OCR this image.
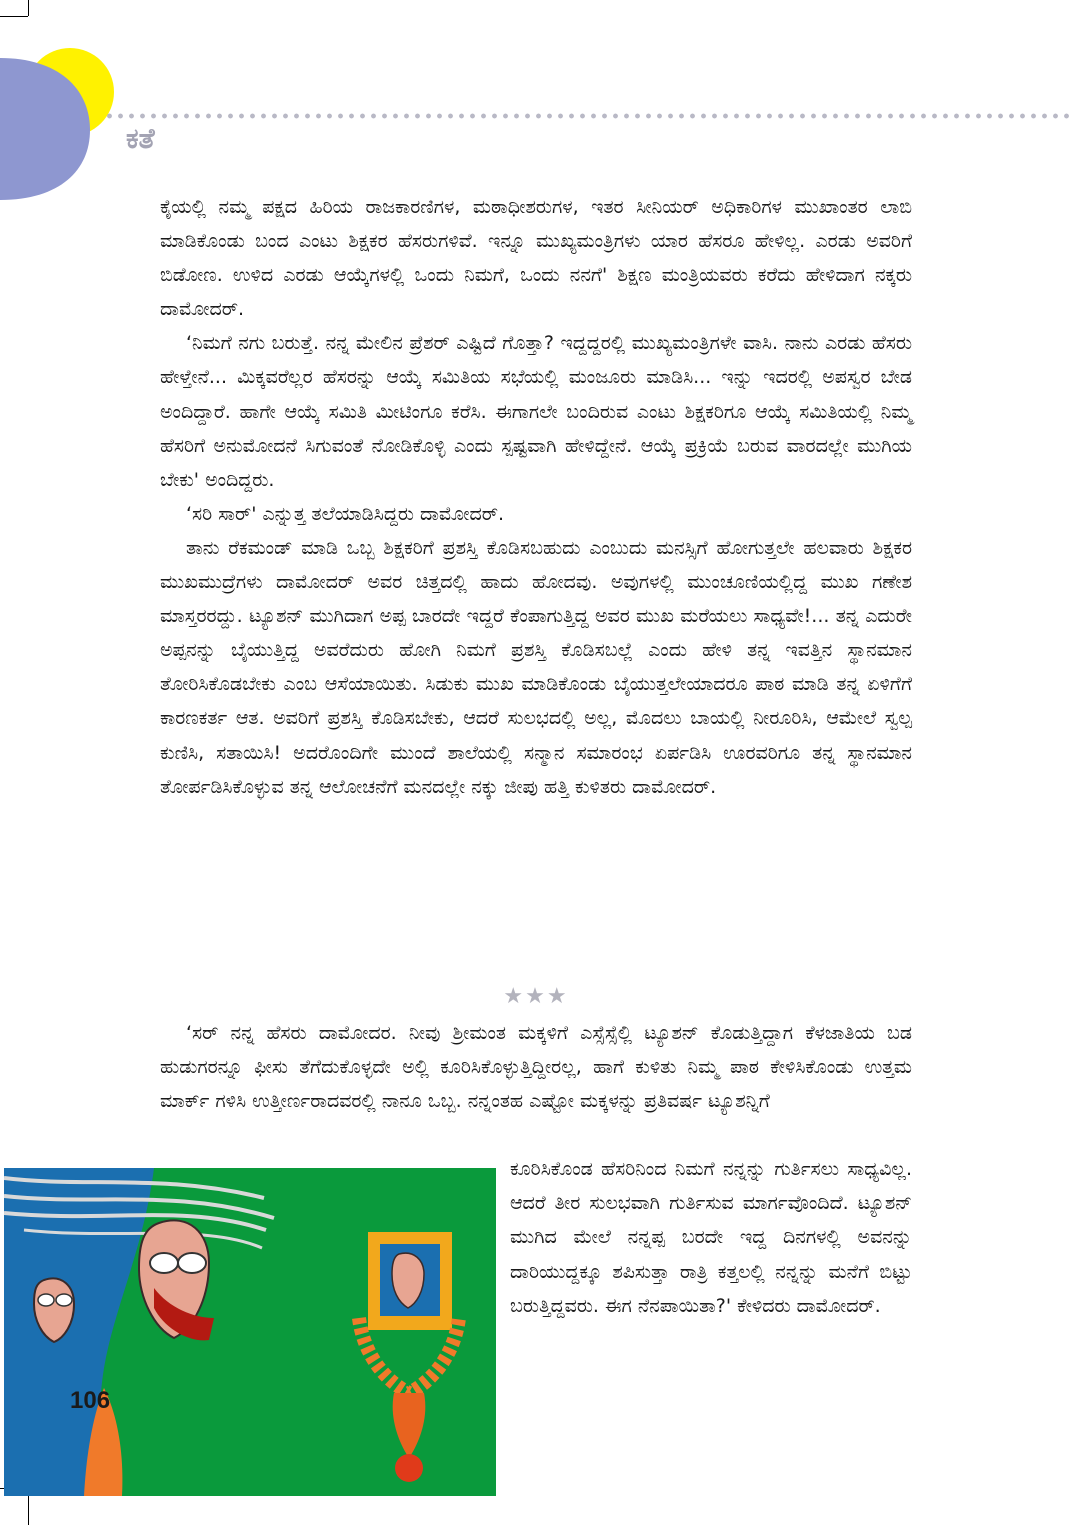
ಕತೆ

ಕೈಯಲ್ಲಿ ನಮ್ಮ ಪಕ್ಷದ ಹಿರಿಯ ರಾಜಕಾರಣಿಗಳ, ಮಠಾಧೀಶರುಗಳ, ಇತರ ಸೀನಿಯರ್ ಅಧಿಕಾರಿಗಳ ಮುಖಾಂತರ ಲಾಬಿ ಮಾಡಿಕೊಂಡು ಬಂದ ಎಂಟು ಶಿಕ್ಷಕರ ಹೆಸರುಗಳಿವೆ. ಇನ್ನೂ ಮುಖ್ಯಮಂತ್ರಿಗಳು ಯಾರ ಹೆಸರೂ ಹೇಳಿಲ್ಲ. ಎರಡು ಅವರಿಗೆ ಬಿಡೋಣ. ಉಳಿದ ಎರಡು ಆಯ್ಕೆಗಳಲ್ಲಿ ಒಂದು ನಿಮಗೆ, ಒಂದು ನನಗೆ' ಶಿಕ್ಷಣ ಮಂತ್ರಿಯವರು ಕರೆದು ಹೇಳಿದಾಗ ನಕ್ಕರು ದಾಮೋದರ್.

‘ನಿಮಗೆ ನಗು ಬರುತ್ತೆ. ನನ್ನ ಮೇಲಿನ ಪ್ರೆಶರ್ ಎಷ್ಟಿದೆ ಗೊತ್ತಾ? ಇದ್ದದ್ದರಲ್ಲಿ ಮುಖ್ಯಮಂತ್ರಿಗಳೇ ವಾಸಿ. ನಾನು ಎರಡು ಹೆಸರು ಹೇಳ್ತೇನೆ... ಮಿಕ್ಕವರೆಲ್ಲರ ಹೆಸರನ್ನು ಆಯ್ಕೆ ಸಮಿತಿಯ ಸಭೆಯಲ್ಲಿ ಮಂಜೂರು ಮಾಡಿಸಿ... ಇನ್ನು ಇದರಲ್ಲಿ ಅಪಸ್ವರ ಬೇಡ ಅಂದಿದ್ದಾರೆ. ಹಾಗೇ ಆಯ್ಕೆ ಸಮಿತಿ ಮೀಟಿಂಗೂ ಕರೆಸಿ. ಈಗಾಗಲೇ ಬಂದಿರುವ ಎಂಟು ಶಿಕ್ಷಕರಿಗೂ ಆಯ್ಕೆ ಸಮಿತಿಯಲ್ಲಿ ನಿಮ್ಮ ಹೆಸರಿಗೆ ಅನುಮೋದನೆ ಸಿಗುವಂತೆ ನೋಡಿಕೊಳ್ಳಿ ಎಂದು ಸ್ಪಷ್ಟವಾಗಿ ಹೇಳಿದ್ದೇನೆ. ಆಯ್ಕೆ ಪ್ರಕ್ರಿಯೆ ಬರುವ ವಾರದಲ್ಲೇ ಮುಗಿಯ ಬೇಕು' ಅಂದಿದ್ದರು.

‘ಸರಿ ಸಾರ್' ಎನ್ನುತ್ತ ತಲೆಯಾಡಿಸಿದ್ದರು ದಾಮೋದರ್.

ತಾನು ರೆಕಮಂಡ್ ಮಾಡಿ ಒಬ್ಬ ಶಿಕ್ಷಕರಿಗೆ ಪ್ರಶಸ್ತಿ ಕೊಡಿಸಬಹುದು ಎಂಬುದು ಮನಸ್ಸಿಗೆ ಹೋಗುತ್ತಲೇ ಹಲವಾರು ಶಿಕ್ಷಕರ ಮುಖಮುದ್ರೆಗಳು ದಾಮೋದರ್ ಅವರ ಚಿತ್ತದಲ್ಲಿ ಹಾದು ಹೋದವು. ಅವುಗಳಲ್ಲಿ ಮುಂಚೂಣಿಯಲ್ಲಿದ್ದ ಮುಖ ಗಣೇಶ ಮಾಸ್ತರರದ್ದು. ಟ್ಯೂಶನ್ ಮುಗಿದಾಗ ಅಪ್ಪ ಬಾರದೇ ಇದ್ದರೆ ಕೆಂಪಾಗುತ್ತಿದ್ದ ಅವರ ಮುಖ ಮರೆಯಲು ಸಾಧ್ಯವೇ!... ತನ್ನ ಎದುರೇ ಅಪ್ಪನನ್ನು ಬೈಯುತ್ತಿದ್ದ ಅವರೆದುರು ಹೋಗಿ ನಿಮಗೆ ಪ್ರಶಸ್ತಿ ಕೊಡಿಸಬಲ್ಲೆ ಎಂದು ಹೇಳಿ ತನ್ನ ಇವತ್ತಿನ ಸ್ಥಾನಮಾನ ತೋರಿಸಿಕೊಡಬೇಕು ಎಂಬ ಆಸೆಯಾಯಿತು. ಸಿಡುಕು ಮುಖ ಮಾಡಿಕೊಂಡು ಬೈಯುತ್ತಲೇಯಾದರೂ ಪಾಠ ಮಾಡಿ ತನ್ನ ಏಳಿಗೆಗೆ ಕಾರಣಕರ್ತ ಆತ. ಅವರಿಗೆ ಪ್ರಶಸ್ತಿ ಕೊಡಿಸಬೇಕು, ಆದರೆ ಸುಲಭದಲ್ಲಿ ಅಲ್ಲ, ಮೊದಲು ಬಾಯಲ್ಲಿ ನೀರೂರಿಸಿ, ಆಮೇಲೆ ಸ್ವಲ್ಪ ಕುಣಿಸಿ, ಸತಾಯಿಸಿ! ಅದರೊಂದಿಗೇ ಮುಂದೆ ಶಾಲೆಯಲ್ಲಿ ಸನ್ಮಾನ ಸಮಾರಂಭ ಏರ್ಪಡಿಸಿ ಊರವರಿಗೂ ತನ್ನ ಸ್ಥಾನಮಾನ ತೋರ್ಪಡಿಸಿಕೊಳ್ಳುವ ತನ್ನ ಆಲೋಚನೆಗೆ ಮನದಲ್ಲೇ ನಕ್ಕು ಜೀಪು ಹತ್ತಿ ಕುಳಿತರು ದಾಮೋದರ್.

★★★

‘ಸರ್ ನನ್ನ ಹೆಸರು ದಾಮೋದರ. ನೀವು ಶ್ರೀಮಂತ ಮಕ್ಕಳಿಗೆ ಎಸ್ಸೆಸ್ಸೆಲ್ಲಿ ಟ್ಯೂಶನ್ ಕೊಡುತ್ತಿದ್ದಾಗ ಕೆಳಜಾತಿಯ ಬಡ ಹುಡುಗರನ್ನೂ ಫೀಸು ತೆಗೆದುಕೊಳ್ಳದೇ ಅಲ್ಲಿ ಕೂರಿಸಿಕೊಳ್ಳುತ್ತಿದ್ದೀರಲ್ಲ, ಹಾಗೆ ಕುಳಿತು ನಿಮ್ಮ ಪಾಠ ಕೇಳಿಸಿಕೊಂಡು ಉತ್ತಮ ಮಾರ್ಕ್ ಗಳಿಸಿ ಉತ್ತೀರ್ಣರಾದವರಲ್ಲಿ ನಾನೂ ಒಬ್ಬ. ನನ್ನಂತಹ ಎಷ್ಟೋ ಮಕ್ಕಳನ್ನು ಪ್ರತಿವರ್ಷ ಟ್ಯೂಶನ್ನಿಗೆ

ಕೂರಿಸಿಕೊಂಡ ಹೆಸರಿನಿಂದ ನಿಮಗೆ ನನ್ನನ್ನು ಗುರ್ತಿಸಲು ಸಾಧ್ಯವಿಲ್ಲ. ಆದರೆ ತೀರ ಸುಲಭವಾಗಿ ಗುರ್ತಿಸುವ ಮಾರ್ಗವೊಂದಿದೆ. ಟ್ಯೂಶನ್ ಮುಗಿದ ಮೇಲೆ ನನ್ನಪ್ಪ ಬರದೇ ಇದ್ದ ದಿನಗಳಲ್ಲಿ ಅವನನ್ನು ದಾರಿಯುದ್ದಕ್ಕೂ ಶಪಿಸುತ್ತಾ ರಾತ್ರಿ ಕತ್ತಲಲ್ಲಿ ನನ್ನನ್ನು ಮನೆಗೆ ಬಿಟ್ಟು ಬರುತ್ತಿದ್ದವರು. ಈಗ ನೆನಪಾಯಿತಾ?' ಕೇಳಿದರು ದಾಮೋದರ್.

106
